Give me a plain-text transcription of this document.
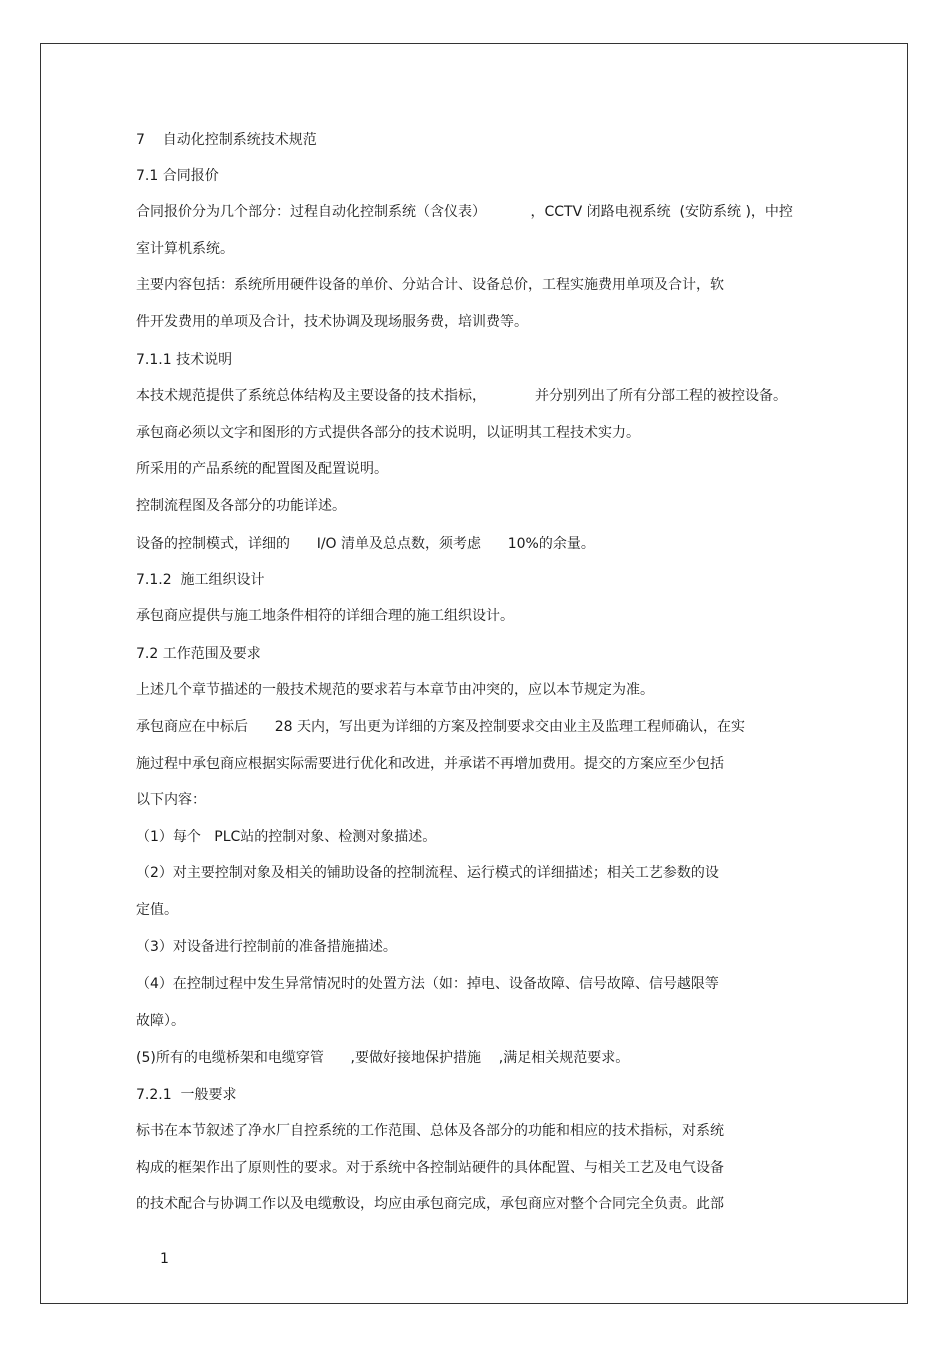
7    自动化控制系统技术规范
7.1 合同报价
合同报价分为几个部分：过程自动化控制系统（含仪表）          ，CCTV 闭路电视系统  (安防系统 )，中控
室计算机系统。
主要内容包括：系统所用硬件设备的单价、分站合计、设备总价，工程实施费用单项及合计，软
件开发费用的单项及合计，技术协调及现场服务费，培训费等。
7.1.1 技术说明
本技术规范提供了系统总体结构及主要设备的技术指标，           并分别列出了所有分部工程的被控设备。
承包商必须以文字和图形的方式提供各部分的技术说明，以证明其工程技术实力。
所采用的产品系统的配置图及配置说明。
控制流程图及各部分的功能详述。
设备的控制模式，详细的      I/O 清单及总点数，须考虑      10%的余量。
7.1.2  施工组织设计
承包商应提供与施工地条件相符的详细合理的施工组织设计。
7.2 工作范围及要求
上述几个章节描述的一般技术规范的要求若与本章节由冲突的，应以本节规定为准。
承包商应在中标后      28 天内，写出更为详细的方案及控制要求交由业主及监理工程师确认，在实
施过程中承包商应根据实际需要进行优化和改进，并承诺不再增加费用。提交的方案应至少包括
以下内容：
（1）每个   PLC站的控制对象、检测对象描述。
（2）对主要控制对象及相关的铺助设备的控制流程、运行模式的详细描述；相关工艺参数的设
定值。
（3）对设备进行控制前的准备措施描述。
（4）在控制过程中发生异常情况时的处置方法（如：掉电、设备故障、信号故障、信号越限等
故障）。
(5)所有的电缆桥架和电缆穿管      ,要做好接地保护措施    ,满足相关规范要求。
7.2.1  一般要求
标书在本节叙述了净水厂自控系统的工作范围、总体及各部分的功能和相应的技术指标，对系统
构成的框架作出了原则性的要求。对于系统中各控制站硬件的具体配置、与相关工艺及电气设备
的技术配合与协调工作以及电缆敷设，均应由承包商完成，承包商应对整个合同完全负责。此部
1
